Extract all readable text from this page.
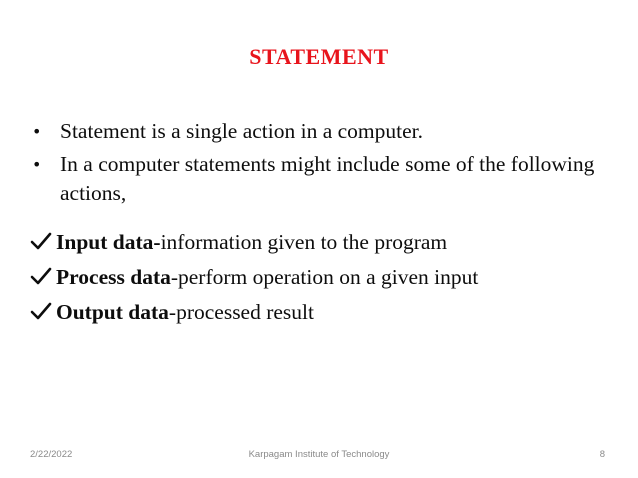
STATEMENT
• Statement is a single action in a computer.
• In a computer statements might include some of the following actions,
Input data-information given to the program
Process data-perform operation on a given input
Output data-processed result
2/22/2022	Karpagam Institute of Technology	8
